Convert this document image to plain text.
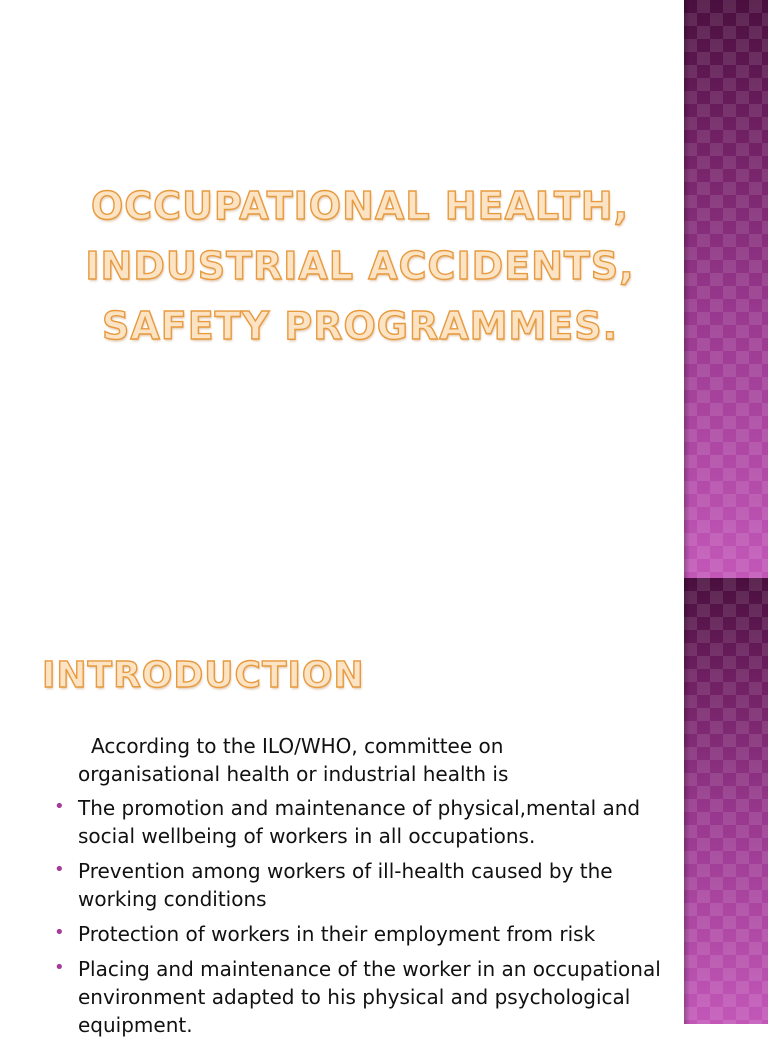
OCCUPATIONAL HEALTH,
INDUSTRIAL ACCIDENTS,
SAFETY PROGRAMMES.
INTRODUCTION
According to the ILO/WHO, committee on
organisational health or industrial health is
• The promotion and maintenance of physical,mental and social wellbeing of workers in all occupations.
• Prevention among workers of ill-health caused by the working conditions
• Protection of workers in their employment from risk
• Placing and maintenance of the worker in an occupational environment adapted to his physical and psychological equipment.
